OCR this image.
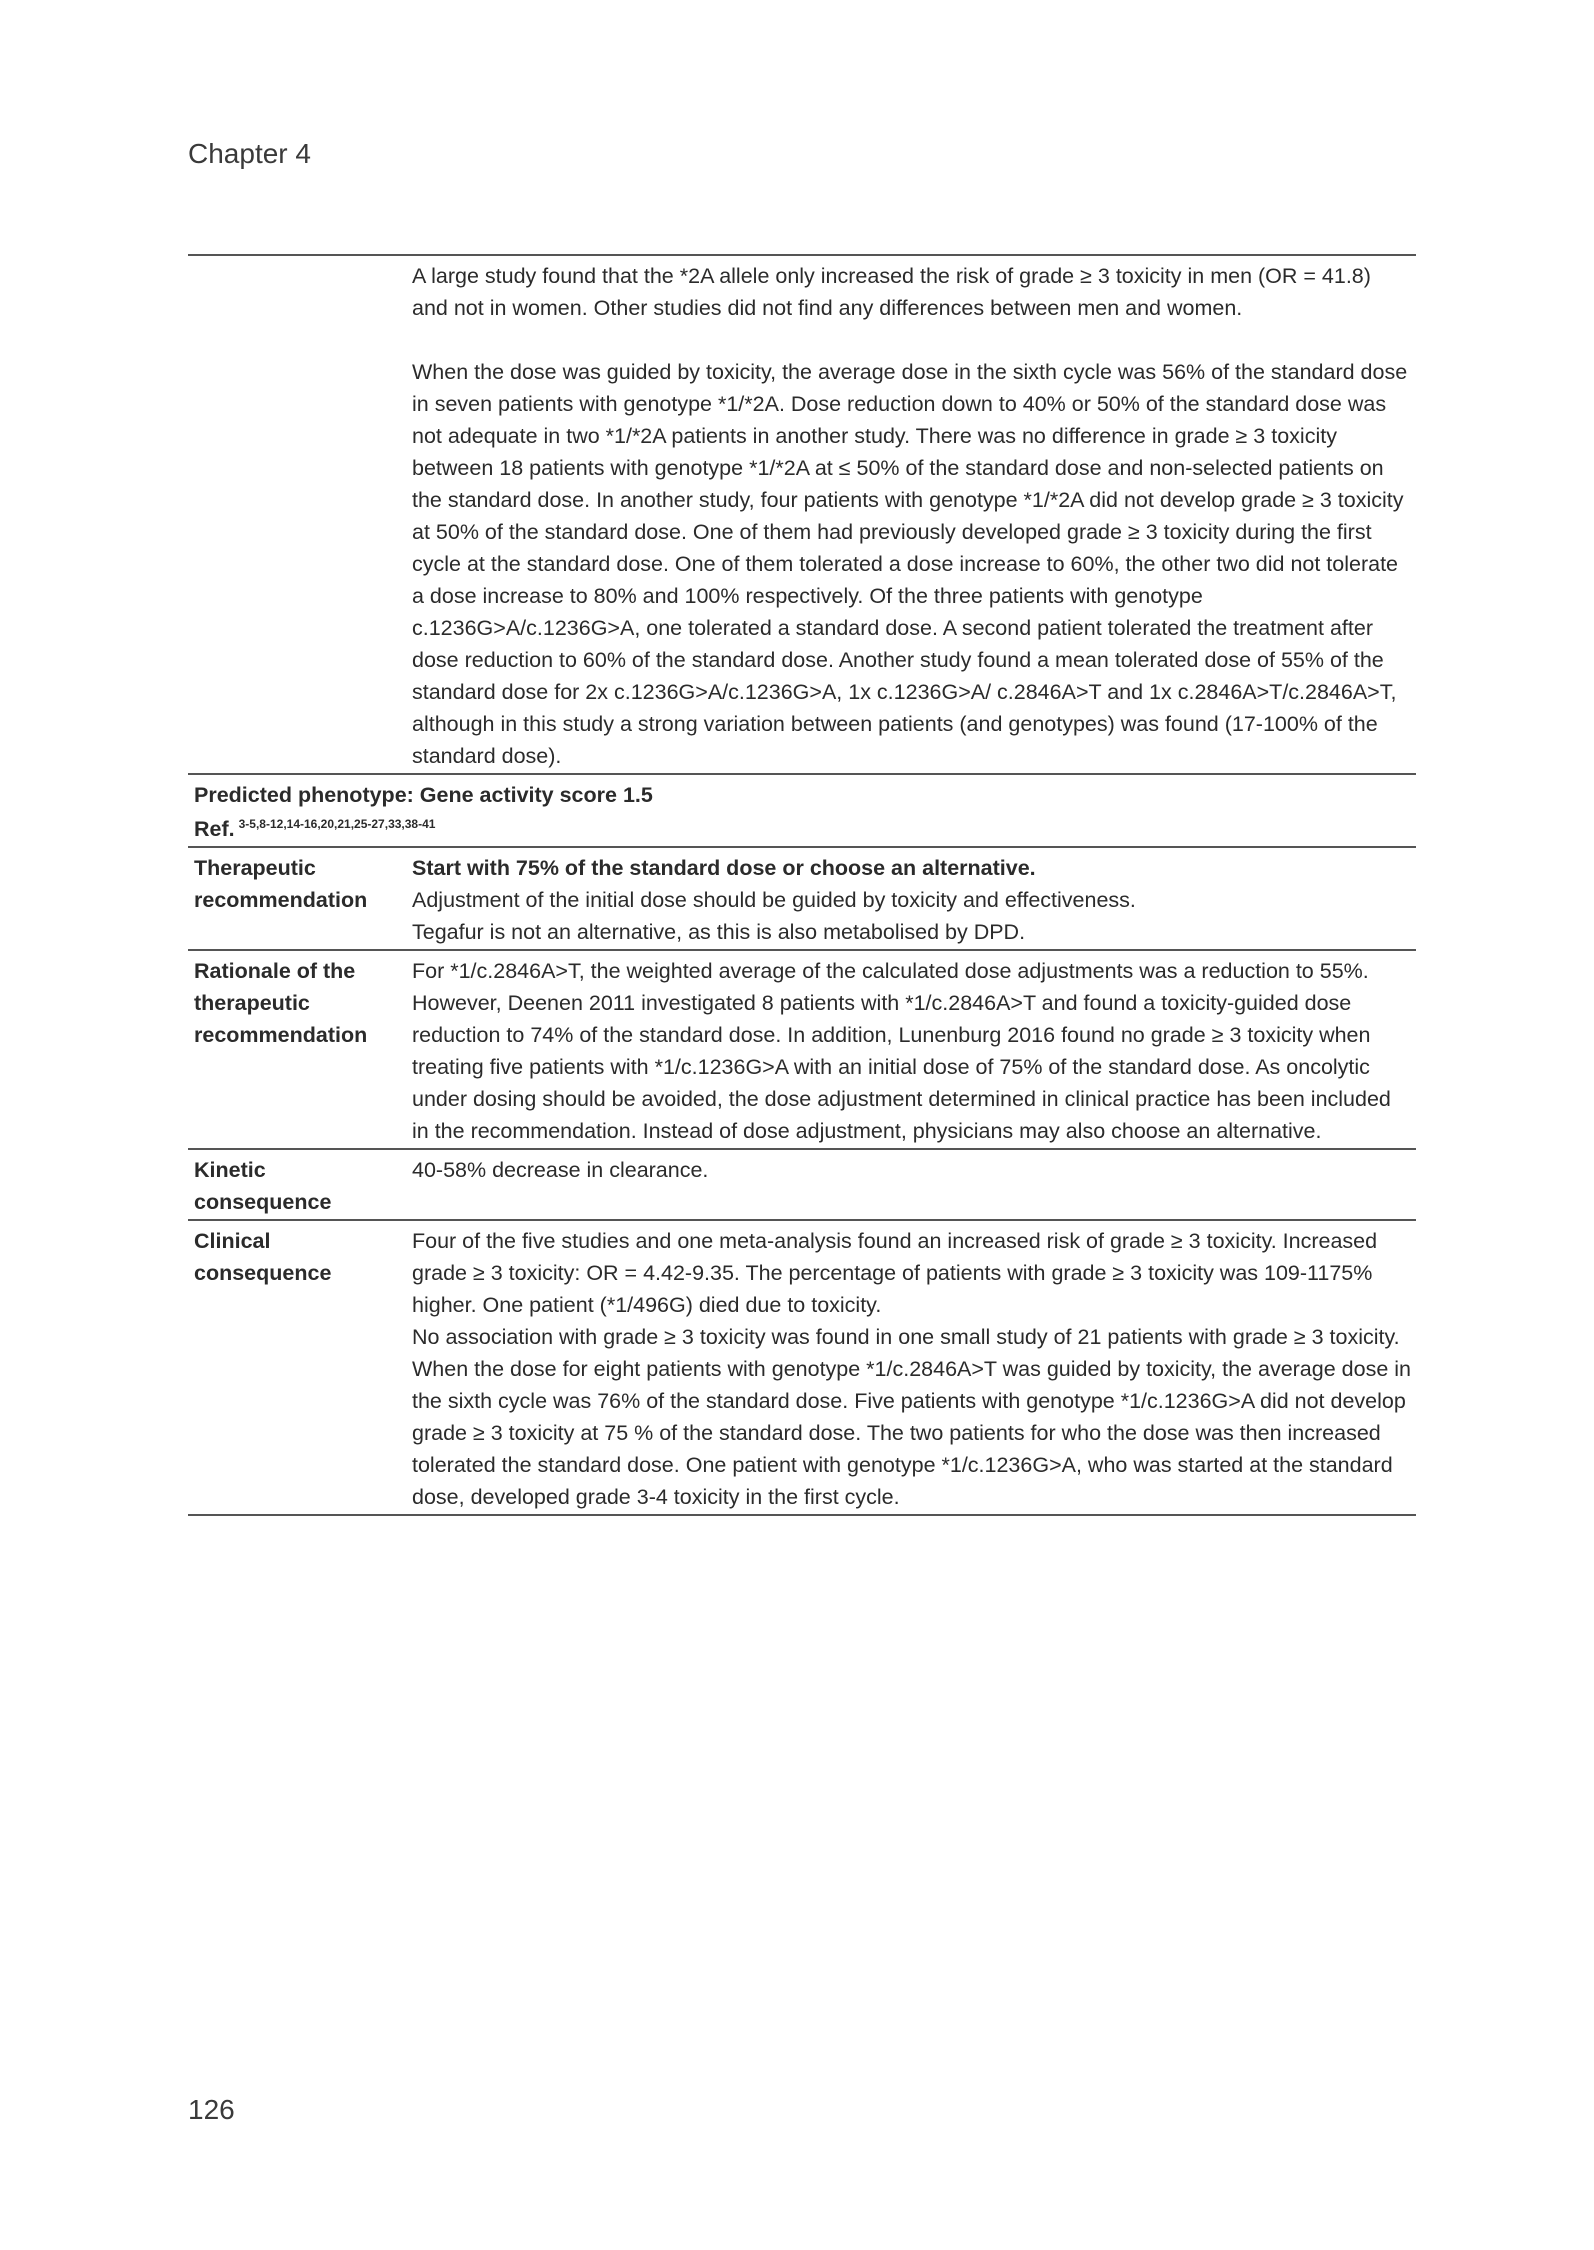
Chapter 4

A large study found that the *2A allele only increased the risk of grade ≥ 3 toxicity in men (OR = 41.8) and not in women. Other studies did not find any differences between men and women.

When the dose was guided by toxicity, the average dose in the sixth cycle was 56% of the standard dose in seven patients with genotype *1/*2A. Dose reduction down to 40% or 50% of the standard dose was not adequate in two *1/*2A patients in another study. There was no difference in grade ≥ 3 toxicity between 18 patients with genotype *1/*2A at ≤ 50% of the standard dose and non-selected patients on the standard dose. In another study, four patients with genotype *1/*2A did not develop grade ≥ 3 toxicity at 50% of the standard dose. One of them had previously developed grade ≥ 3 toxicity during the first cycle at the standard dose. One of them tolerated a dose increase to 60%, the other two did not tolerate a dose increase to 80% and 100% respectively. Of the three patients with genotype c.1236G>A/c.1236G>A, one tolerated a standard dose. A second patient tolerated the treatment after dose reduction to 60% of the standard dose. Another study found a mean tolerated dose of 55% of the standard dose for 2x c.1236G>A/c.1236G>A, 1x c.1236G>A/ c.2846A>T and 1x c.2846A>T/c.2846A>T, although in this study a strong variation between patients (and genotypes) was found (17-100% of the standard dose).

Predicted phenotype: Gene activity score 1.5
Ref. $^{3-5,8-12,14-16,20,21,25-27,33,38-41}$
Therapeutic recommendation

Start with 75% of the standard dose or choose an alternative.

Adjustment of the initial dose should be guided by toxicity and effectiveness.

Tegafur is not an alternative, as this is also metabolised by DPD.

Rationale of the therapeutic recommendation

For *1/c.2846A>T, the weighted average of the calculated dose adjustments was a reduction to 55%. However, Deenen 2011 investigated 8 patients with *1/c.2846A>T and found a toxicity-guided dose reduction to 74% of the standard dose. In addition, Lunenburg 2016 found no grade ≥ 3 toxicity when treating five patients with *1/c.1236G>A with an initial dose of 75% of the standard dose. As oncolytic under dosing should be avoided, the dose adjustment determined in clinical practice has been included in the recommendation. Instead of dose adjustment, physicians may also choose an alternative.

Kinetic consequence

40-58% decrease in clearance.

Clinical consequence

Four of the five studies and one meta-analysis found an increased risk of grade ≥ 3 toxicity. Increased grade ≥ 3 toxicity: OR = 4.42-9.35. The percentage of patients with grade ≥ 3 toxicity was 109-1175% higher. One patient (*1/496G) died due to toxicity.

No association with grade ≥ 3 toxicity was found in one small study of 21 patients with grade ≥ 3 toxicity.

When the dose for eight patients with genotype *1/c.2846A>T was guided by toxicity, the average dose in the sixth cycle was 76% of the standard dose. Five patients with genotype *1/c.1236G>A did not develop grade ≥ 3 toxicity at 75 % of the standard dose. The two patients for who the dose was then increased tolerated the standard dose. One patient with genotype *1/c.1236G>A, who was started at the standard dose, developed grade 3-4 toxicity in the first cycle.

126
